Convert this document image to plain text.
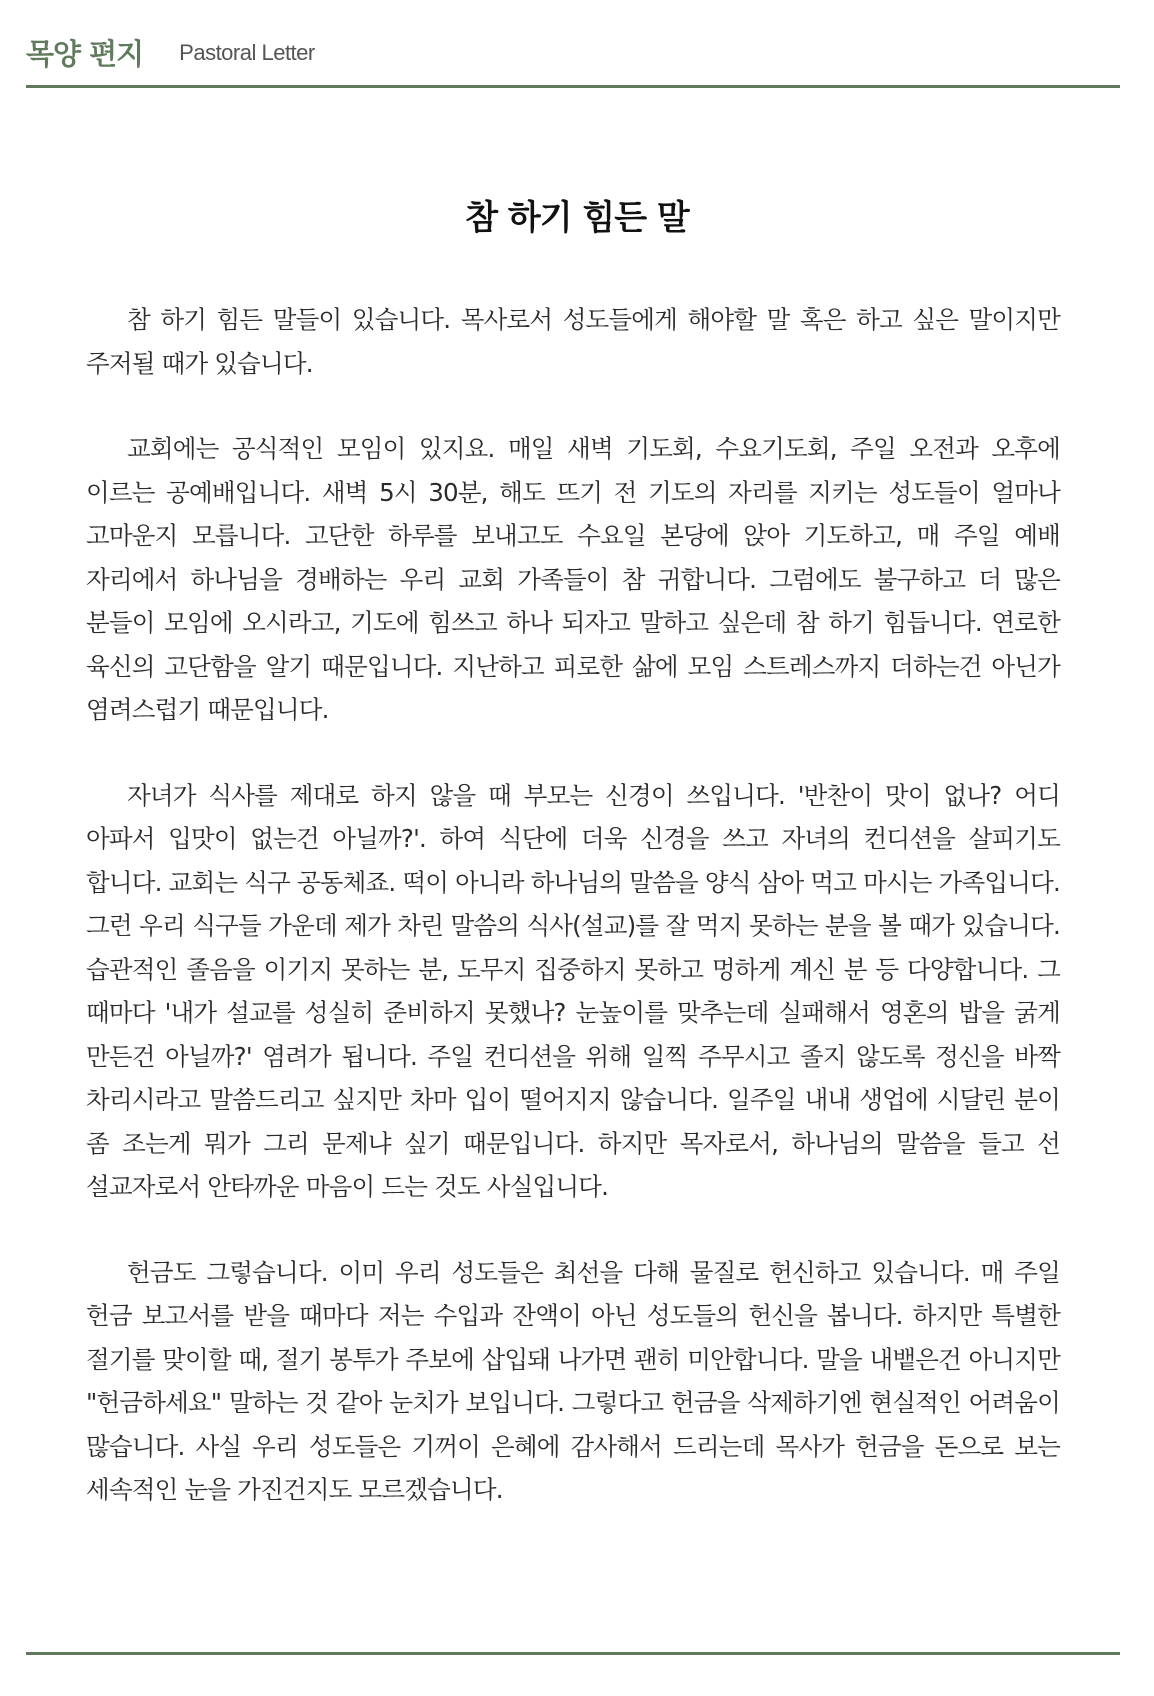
목양 편지 Pastoral Letter
참 하기 힘든 말

참 하기 힘든 말들이 있습니다. 목사로서 성도들에게 해야할 말 혹은 하고 싶은 말이지만 주저될 때가 있습니다.

교회에는 공식적인 모임이 있지요. 매일 새벽 기도회, 수요기도회, 주일 오전과 오후에 이르는 공예배입니다. 새벽 5시 30분, 해도 뜨기 전 기도의 자리를 지키는 성도들이 얼마나 고마운지 모릅니다. 고단한 하루를 보내고도 수요일 본당에 앉아 기도하고, 매 주일 예배 자리에서 하나님을 경배하는 우리 교회 가족들이 참 귀합니다. 그럼에도 불구하고 더 많은 분들이 모임에 오시라고, 기도에 힘쓰고 하나 되자고 말하고 싶은데 참 하기 힘듭니다. 연로한 육신의 고단함을 알기 때문입니다. 지난하고 피로한 삶에 모임 스트레스까지 더하는건 아닌가 염려스럽기 때문입니다.

자녀가 식사를 제대로 하지 않을 때 부모는 신경이 쓰입니다. '반찬이 맛이 없나? 어디 아파서 입맛이 없는건 아닐까?'. 하여 식단에 더욱 신경을 쓰고 자녀의 컨디션을 살피기도 합니다. 교회는 식구 공동체죠. 떡이 아니라 하나님의 말씀을 양식 삼아 먹고 마시는 가족입니다. 그런 우리 식구들 가운데 제가 차린 말씀의 식사(설교)를 잘 먹지 못하는 분을 볼 때가 있습니다. 습관적인 졸음을 이기지 못하는 분, 도무지 집중하지 못하고 멍하게 계신 분 등 다양합니다. 그 때마다 '내가 설교를 성실히 준비하지 못했나? 눈높이를 맞추는데 실패해서 영혼의 밥을 굵게 만든건 아닐까?' 염려가 됩니다. 주일 컨디션을 위해 일찍 주무시고 졸지 않도록 정신을 바짝 차리시라고 말씀드리고 싶지만 차마 입이 떨어지지 않습니다. 일주일 내내 생업에 시달린 분이 좀 조는게 뭐가 그리 문제냐 싶기 때문입니다. 하지만 목자로서, 하나님의 말씀을 들고 선 설교자로서 안타까운 마음이 드는 것도 사실입니다.

헌금도 그렇습니다. 이미 우리 성도들은 최선을 다해 물질로 헌신하고 있습니다. 매 주일 헌금 보고서를 받을 때마다 저는 수입과 잔액이 아닌 성도들의 헌신을 봅니다. 하지만 특별한 절기를 맞이할 때, 절기 봉투가 주보에 삽입돼 나가면 괜히 미안합니다. 말을 내뱉은건 아니지만 "헌금하세요" 말하는 것 같아 눈치가 보입니다. 그렇다고 헌금을 삭제하기엔 현실적인 어려움이 많습니다. 사실 우리 성도들은 기꺼이 은혜에 감사해서 드리는데 목사가 헌금을 돈으로 보는 세속적인 눈을 가진건지도 모르겠습니다.
